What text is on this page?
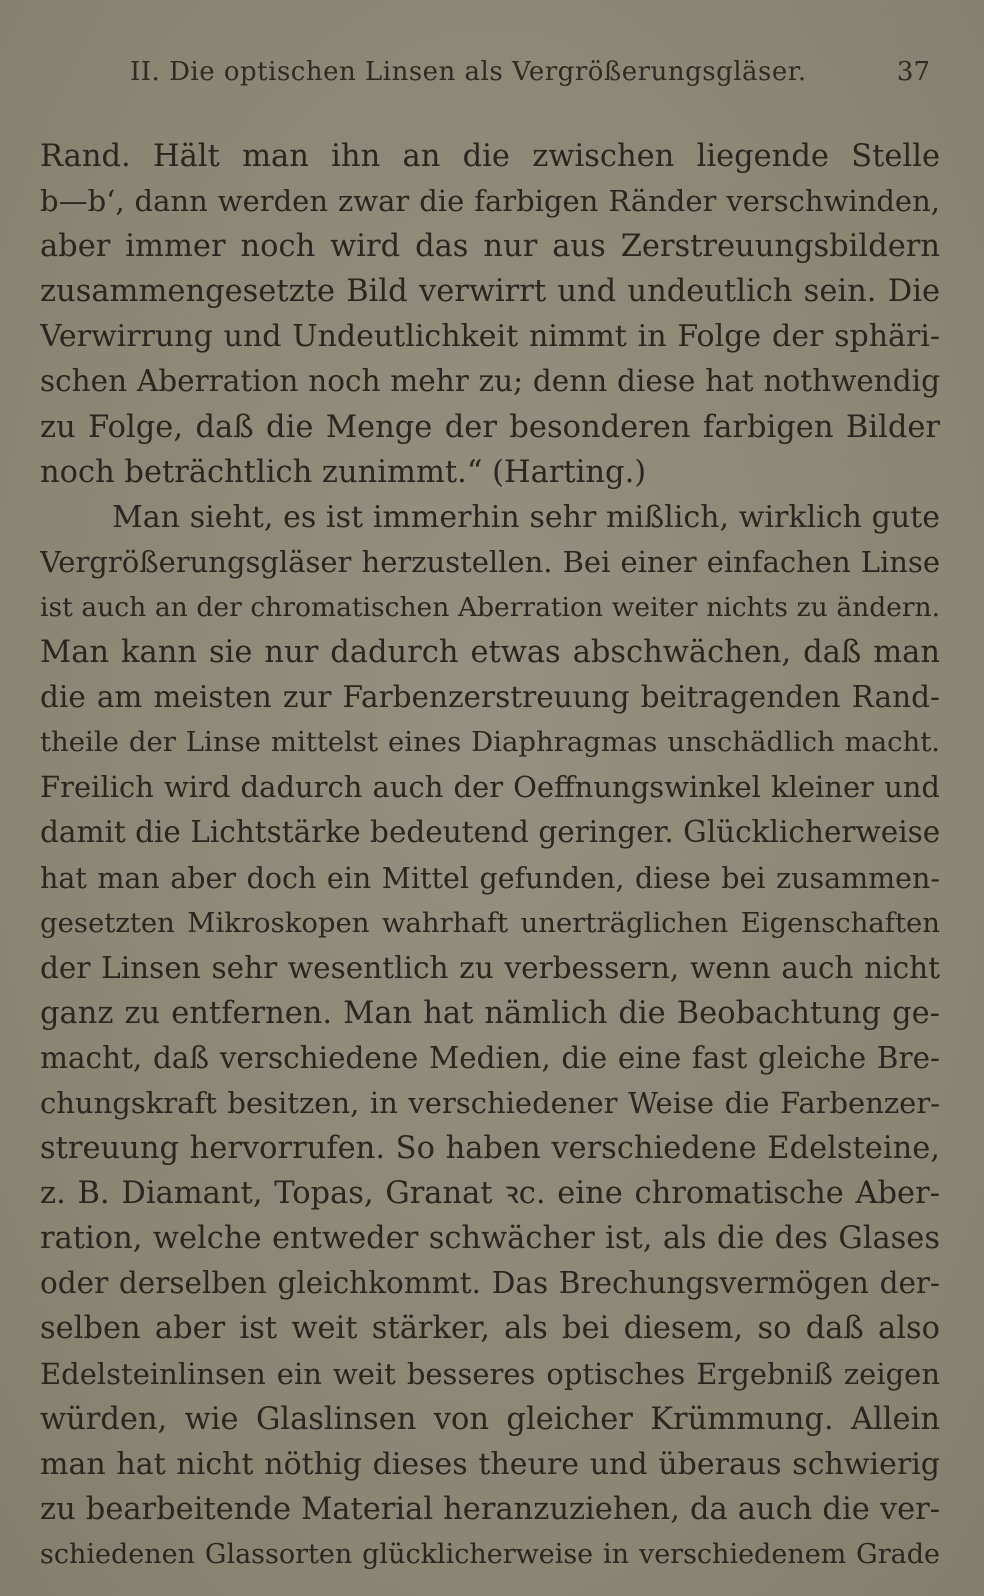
II. Die optischen Linsen als Vergrößerungsgläser.	37
Rand. Hält man ihn an die zwischen liegende Stelle
b—b‘, dann werden zwar die farbigen Ränder verschwinden,
aber immer noch wird das nur aus Zerstreuungsbildern
zusammengesetzte Bild verwirrt und undeutlich sein. Die
Verwirrung und Undeutlichkeit nimmt in Folge der sphäri-
schen Aberration noch mehr zu; denn diese hat nothwendig
zu Folge, daß die Menge der besonderen farbigen Bilder
noch beträchtlich zunimmt.“ (Harting.)
Man sieht, es ist immerhin sehr mißlich, wirklich gute
Vergrößerungsgläser herzustellen. Bei einer einfachen Linse
ist auch an der chromatischen Aberration weiter nichts zu ändern.
Man kann sie nur dadurch etwas abschwächen, daß man
die am meisten zur Farbenzerstreuung beitragenden Rand-
theile der Linse mittelst eines Diaphragmas unschädlich macht.
Freilich wird dadurch auch der Oeffnungswinkel kleiner und
damit die Lichtstärke bedeutend geringer. Glücklicherweise
hat man aber doch ein Mittel gefunden, diese bei zusammen-
gesetzten Mikroskopen wahrhaft unerträglichen Eigenschaften
der Linsen sehr wesentlich zu verbessern, wenn auch nicht
ganz zu entfernen. Man hat nämlich die Beobachtung ge-
macht, daß verschiedene Medien, die eine fast gleiche Bre-
chungskraft besitzen, in verschiedener Weise die Farbenzer-
streuung hervorrufen. So haben verschiedene Edelsteine,
z. B. Diamant, Topas, Granat ꝛc. eine chromatische Aber-
ration, welche entweder schwächer ist, als die des Glases
oder derselben gleichkommt. Das Brechungsvermögen der-
selben aber ist weit stärker, als bei diesem, so daß also
Edelsteinlinsen ein weit besseres optisches Ergebniß zeigen
würden, wie Glaslinsen von gleicher Krümmung. Allein
man hat nicht nöthig dieses theure und überaus schwierig
zu bearbeitende Material heranzuziehen, da auch die ver-
schiedenen Glassorten glücklicherweise in verschiedenem Grade
